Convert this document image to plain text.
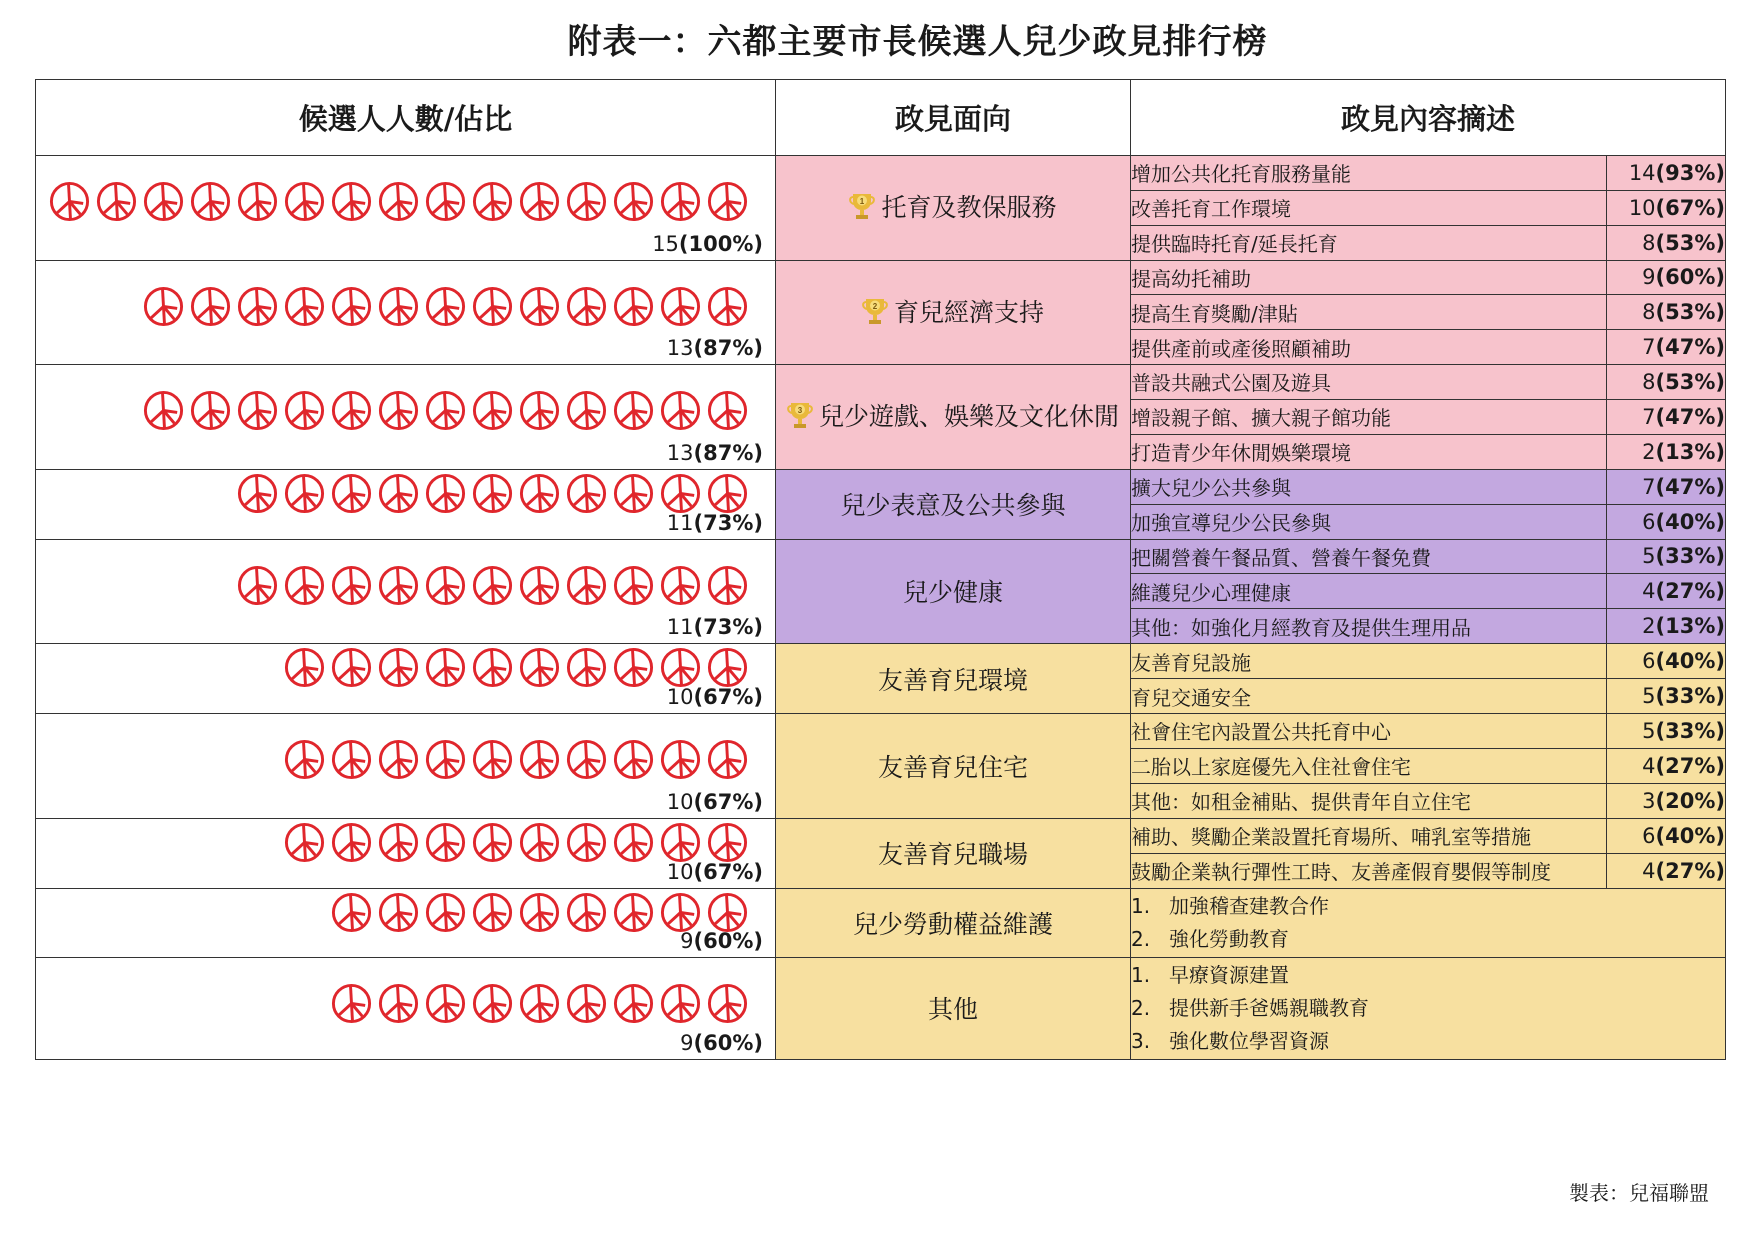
附表一：六都主要市長候選人兒少政見排行榜
候選人人數/佔比	政見面向	政見內容摘述	

15(100%)	1 托育及教保服務	增加公共化托育服務量能	14(93%)
		改善托育工作環境	10(67%)
		提供臨時托育/延長托育	8(53%)

13(87%)	2 育兒經濟支持	提高幼托補助	9(60%)
		提高生育獎勵/津貼	8(53%)
		提供產前或產後照顧補助	7(47%)

13(87%)	3 兒少遊戲、娛樂及文化休閒	普設共融式公園及遊具	8(53%)
		增設親子館、擴大親子館功能	7(47%)
		打造青少年休閒娛樂環境	2(13%)

11(73%)	兒少表意及公共參與	擴大兒少公共參與	7(47%)
		加強宣導兒少公民參與	6(40%)

11(73%)	兒少健康	把關營養午餐品質、營養午餐免費	5(33%)
		維護兒少心理健康	4(27%)
		其他：如強化月經教育及提供生理用品	2(13%)

10(67%)	友善育兒環境	友善育兒設施	6(40%)
		育兒交通安全	5(33%)

10(67%)	友善育兒住宅	社會住宅內設置公共托育中心	5(33%)
		二胎以上家庭優先入住社會住宅	4(27%)
		其他：如租金補貼、提供青年自立住宅	3(20%)

10(67%)	友善育兒職場	補助、獎勵企業設置托育場所、哺乳室等措施	6(40%)
		鼓勵企業執行彈性工時、友善產假育嬰假等制度	4(27%)

9(60%)	兒少勞動權益維護	1. 加強稽查建教合作
2. 強化勞動教育	

9(60%)	其他	1. 早療資源建置
2. 提供新手爸媽親職教育
3. 強化數位學習資源	
製表：兒福聯盟
